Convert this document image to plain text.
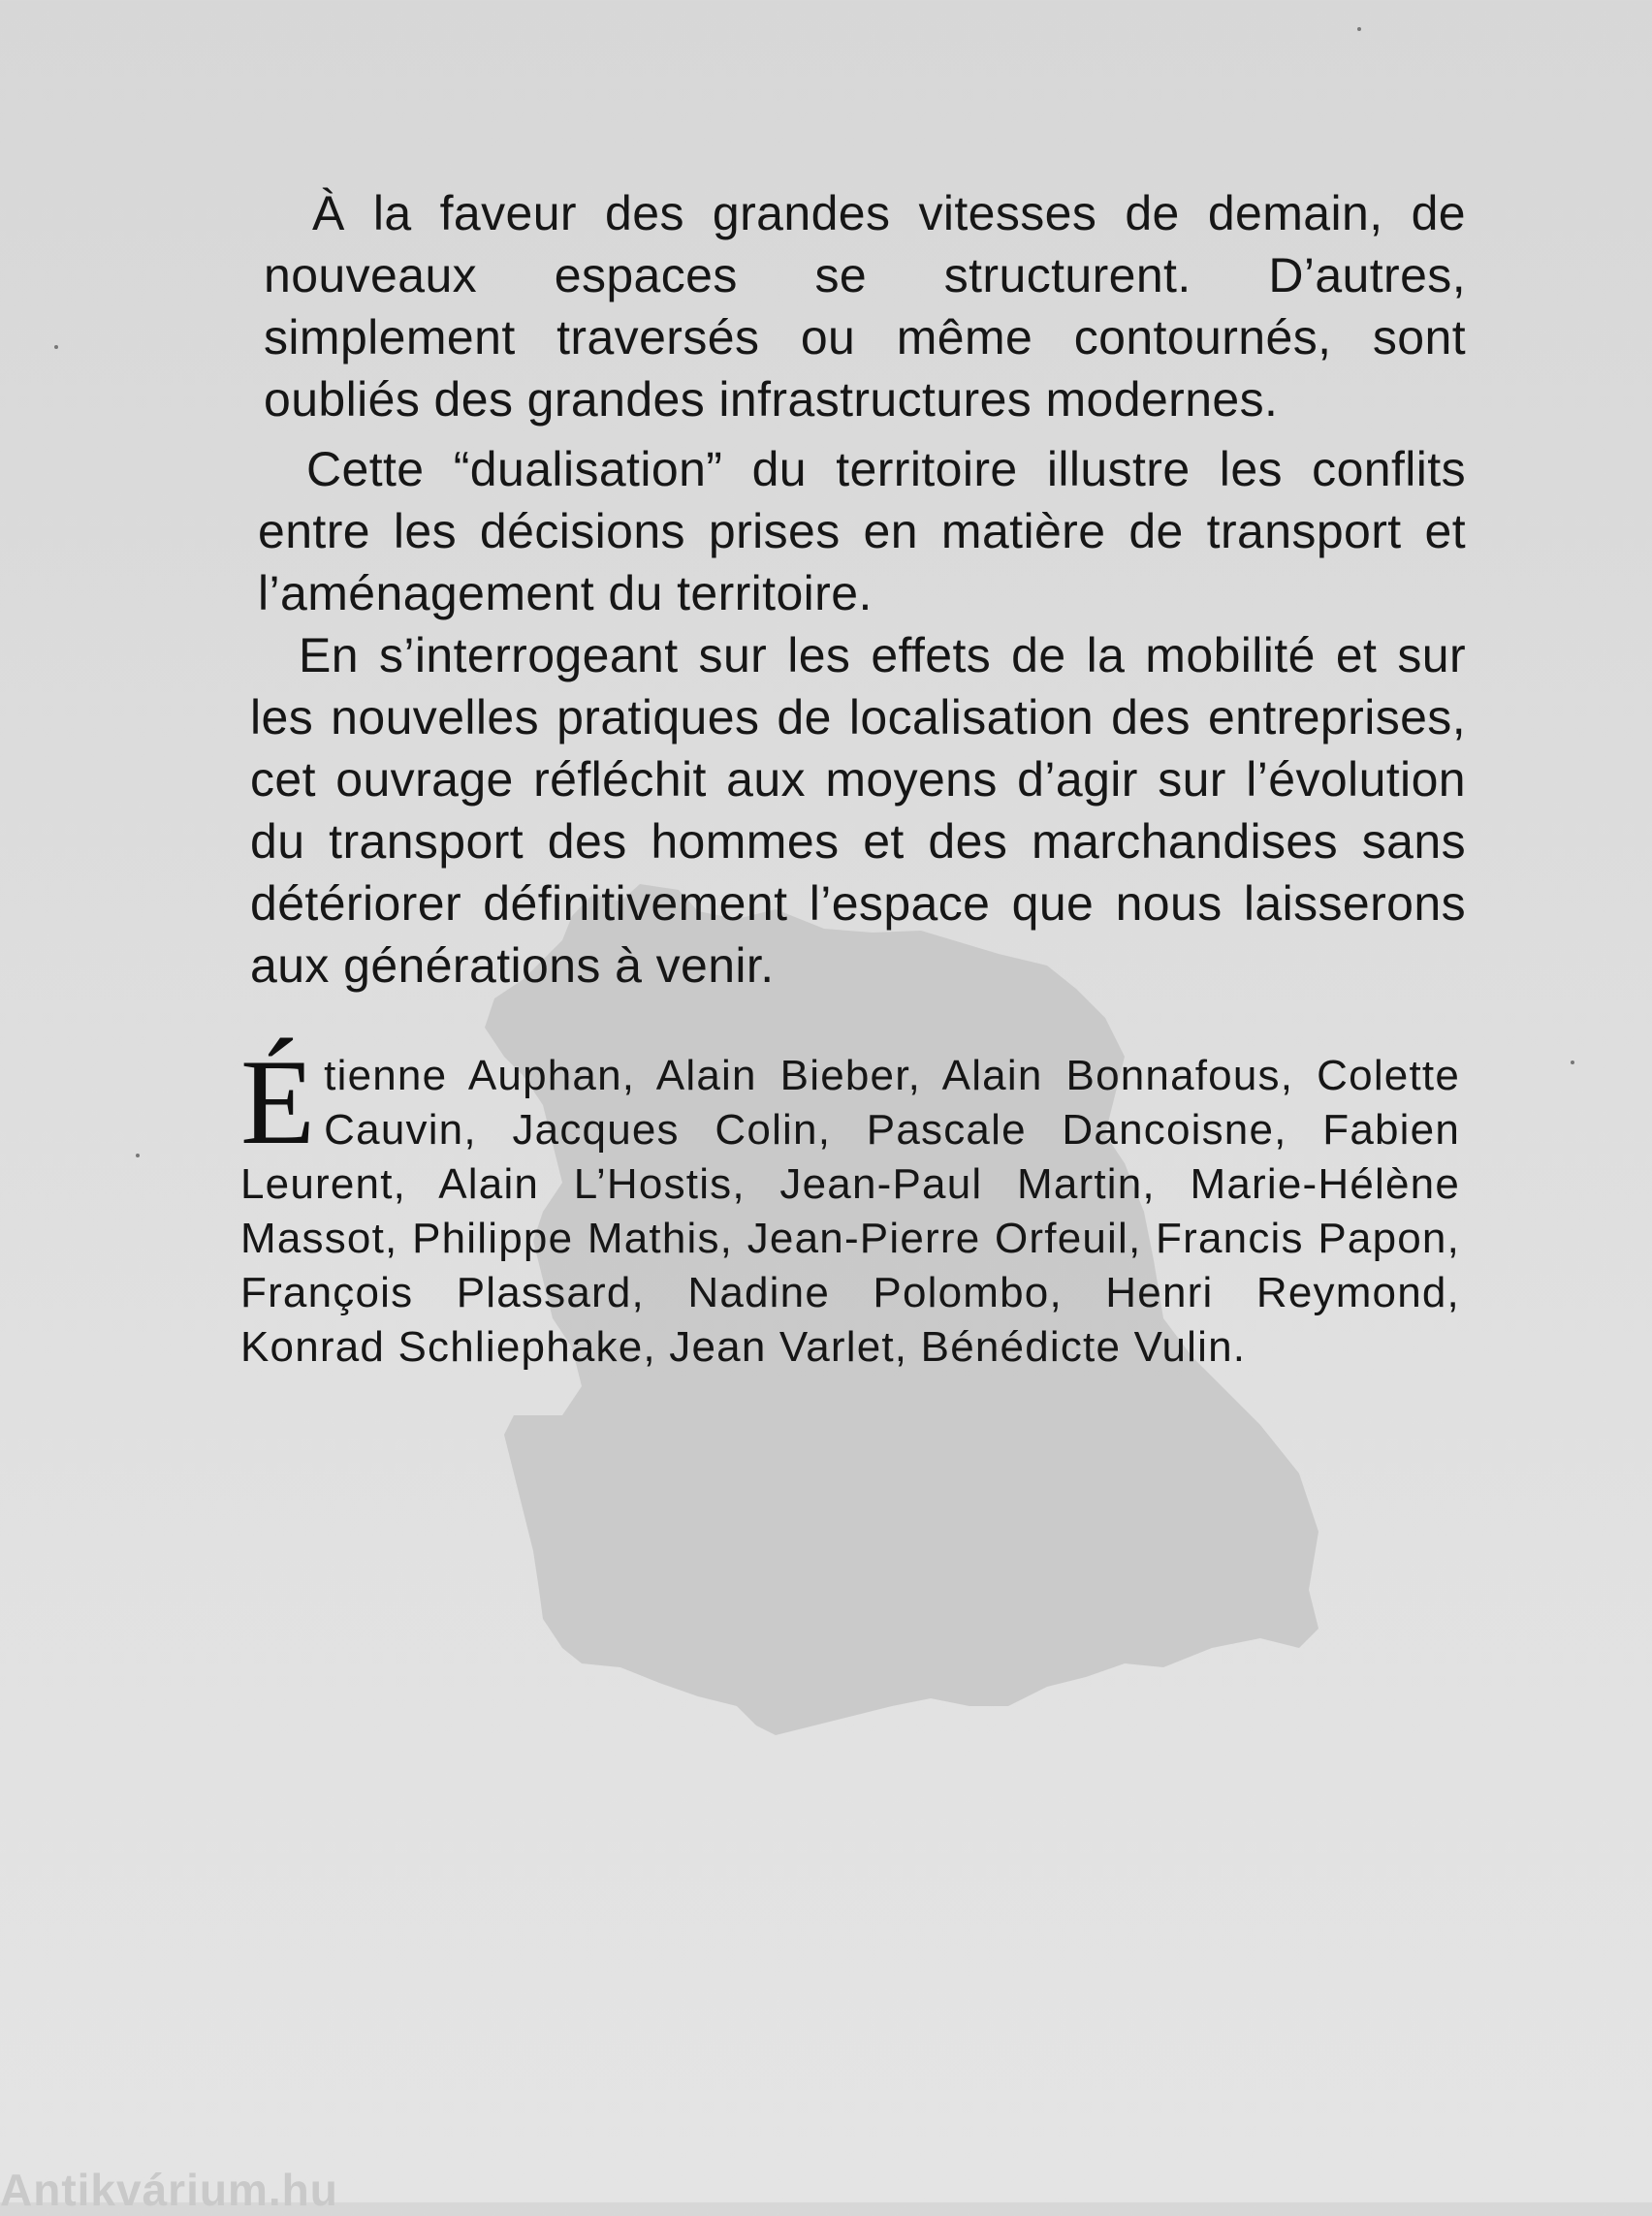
À la faveur des grandes vitesses de demain, de nouveaux espaces se structurent. D’autres, simplement traversés ou même contournés, sont oubliés des grandes infrastructures modernes.

Cette “dualisation” du territoire illustre les conflits entre les décisions prises en matière de transport et l’aménagement du territoire.

En s’interrogeant sur les effets de la mobilité et sur les nouvelles pratiques de localisation des entreprises, cet ouvrage réfléchit aux moyens d’agir sur l’évolution du transport des hommes et des marchandises sans détériorer définitivement l’espace que nous laisserons aux générations à venir.

Étienne Auphan, Alain Bieber, Alain Bonnafous, Colette Cauvin, Jacques Colin, Pascale Dancoisne, Fabien Leurent, Alain L’Hostis, Jean-Paul Martin, Marie-Hélène Massot, Philippe Mathis, Jean-Pierre Orfeuil, Francis Papon, François Plassard, Nadine Polombo, Henri Reymond, Konrad Schliephake, Jean Varlet, Bénédicte Vulin.

Antikvárium.hu
